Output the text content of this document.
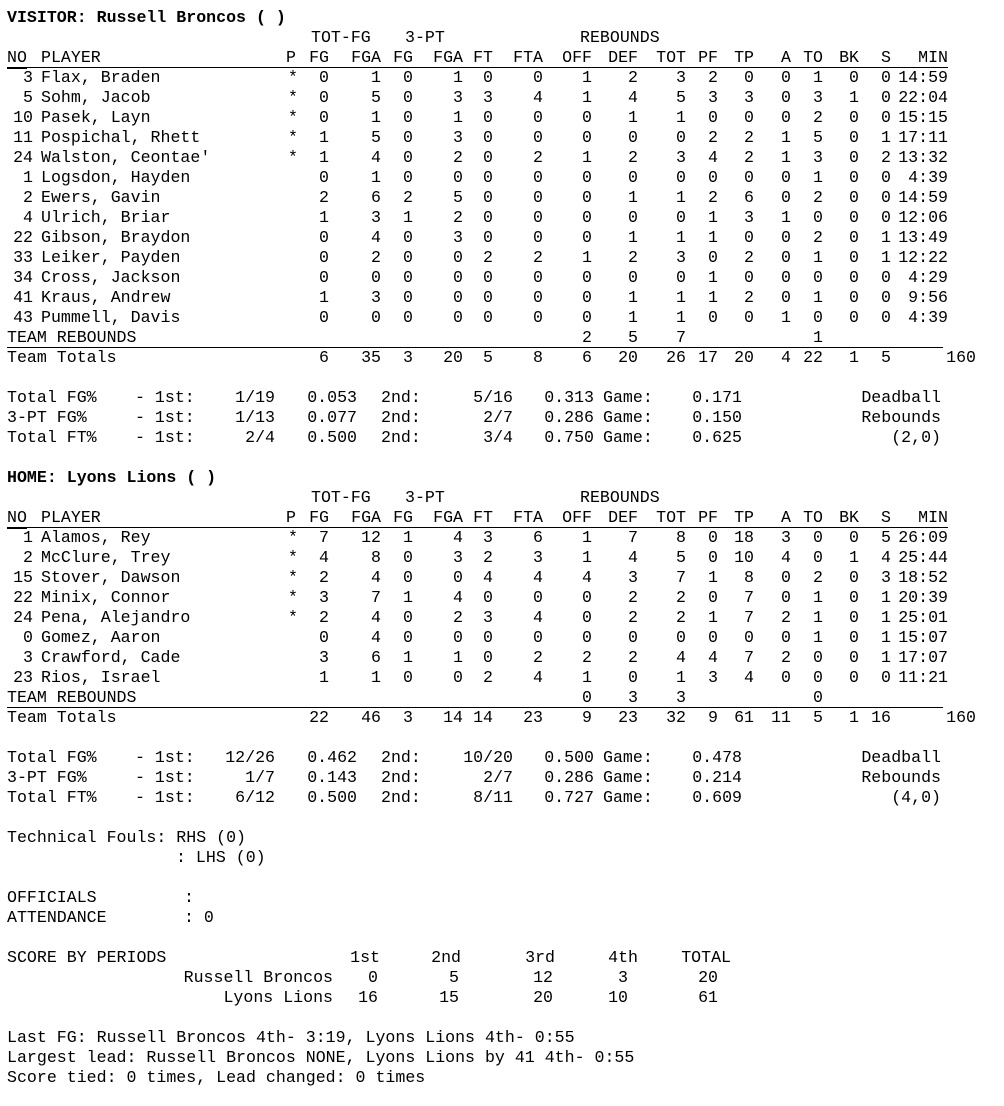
VISITOR: Russell Broncos ( )
TOT-FG 3-PT	REBOUNDS
NO PLAYER	P FG FGA FG FGA FT FTA OFF DEF TOT PF TP A TO BK S MIN
3 Flax, Braden	* 0	1 0 1 0 0 1 2 3 2 0 0 1 0 0 14:59
5 Sohm, Jacob	* 0	5 0 3 3 4 1 4 5 3 3 0 3 1 0 22:04
10 Pasek, Layn	* 0	1 0 1 0 0 0 1 1 0 0 0 2 0 0 15:15
11 Pospichal, Rhett	* 1	5 0 3 0 0 0 0 0 2 2 1 5 0 1 17:11
24 Walston, Ceontae'	* 1	4 0 2 0 2 1 2 3 4 2 1 3 0 2 13:32
1 Logsdon, Hayden	0	1 0 0 0 0 0 0 0 0 0 0 1 0 0 4:39
2 Ewers, Gavin	2	6 2 5 0 0 0 1 1 2 6 0 2 0 0 14:59
4 Ulrich, Briar	1	3 1 2 0 0 0 0 0 1 3 1 0 0 0 12:06
22 Gibson, Braydon	0	4 0 3 0 0 0 1 1 1 0 0 2 0 1 13:49
33 Leiker, Payden	0	2 0 0 2 2 1 2 3 0 2 0 1 0 1 12:22
34 Cross, Jackson	0	0 0 0 0 0 0 0 0 1 0 0 0 0 0 4:29
41 Kraus, Andrew	1	3 0 0 0 0 0 1 1 1 2 0 1 0 0 9:56
43 Pummell, Davis	0	0 0 0 0 0 0 1 1 0 0 1 0 0 0 4:39
TEAM REBOUNDS	2 5 7	1
Team Totals	6 35 3 20 5 8 6 20 26 17 20 4 22 1 5	160
Total FG% - 1st: 1/19 0.053 2nd:	5/16 0.313 Game: 0.171	Deadball
3-PT FG%	- 1st: 1/13 0.077 2nd:	2/7 0.286 Game: 0.150	Rebounds
Total FT% - 1st:	2/4 0.500 2nd:	3/4 0.750 Game: 0.625	(2,0)
HOME: Lyons Lions ( )
TOT-FG 3-PT	REBOUNDS
NO PLAYER	P FG FGA FG FGA FT FTA OFF DEF TOT PF TP A TO BK S MIN
1 Alamos, Rey	* 7 12 1 4 3 6 1 7 8 0 18 3 0 0 5 26:09
2 McClure, Trey	* 4	8 0 3 2 3 1 4 5 0 10 4 0 1 4 25:44
15 Stover, Dawson	* 2	4 0 0 4 4 4 3 7 1 8 0 2 0 3 18:52
22 Minix, Connor	* 3	7 1 4 0 0 0 2 2 0 7 0 1 0 1 20:39
24 Pena, Alejandro	* 2	4 0 2 3 4 0 2 2 1 7 2 1 0 1 25:01
0 Gomez, Aaron	0	4 0 0 0 0 0 0 0 0 0 0 1 0 1 15:07
3 Crawford, Cade	3	6 1 1 0 2 2 2 4 4 7 2 0 0 1 17:07
23 Rios, Israel	1	1 0 0 2 4 1 0 1 3 4 0 0 0 0 11:21
TEAM REBOUNDS	0 3 3	0
Team Totals	22 46 3 14 14 23 9 23 32 9 61 11 5 1 16	160
Total FG% - 1st: 12/26 0.462 2nd:	10/20 0.500 Game: 0.478	Deadball
3-PT FG%	- 1st:	1/7 0.143 2nd:	2/7 0.286 Game: 0.214	Rebounds
Total FT% - 1st: 6/12 0.500 2nd:	8/11 0.727 Game: 0.609	(4,0)
Technical Fouls: RHS (0)
: LHS (0)
OFFICIALS	:
ATTENDANCE	: 0
SCORE BY PERIODS	1st	2nd	3rd	4th	TOTAL
Russell Broncos 0	5	12	3	20
Lyons Lions 16	15	20	10	61
Last FG: Russell Broncos 4th- 3:19, Lyons Lions 4th- 0:55
Largest lead: Russell Broncos NONE, Lyons Lions by 41 4th- 0:55
Score tied: 0 times, Lead changed: 0 times
